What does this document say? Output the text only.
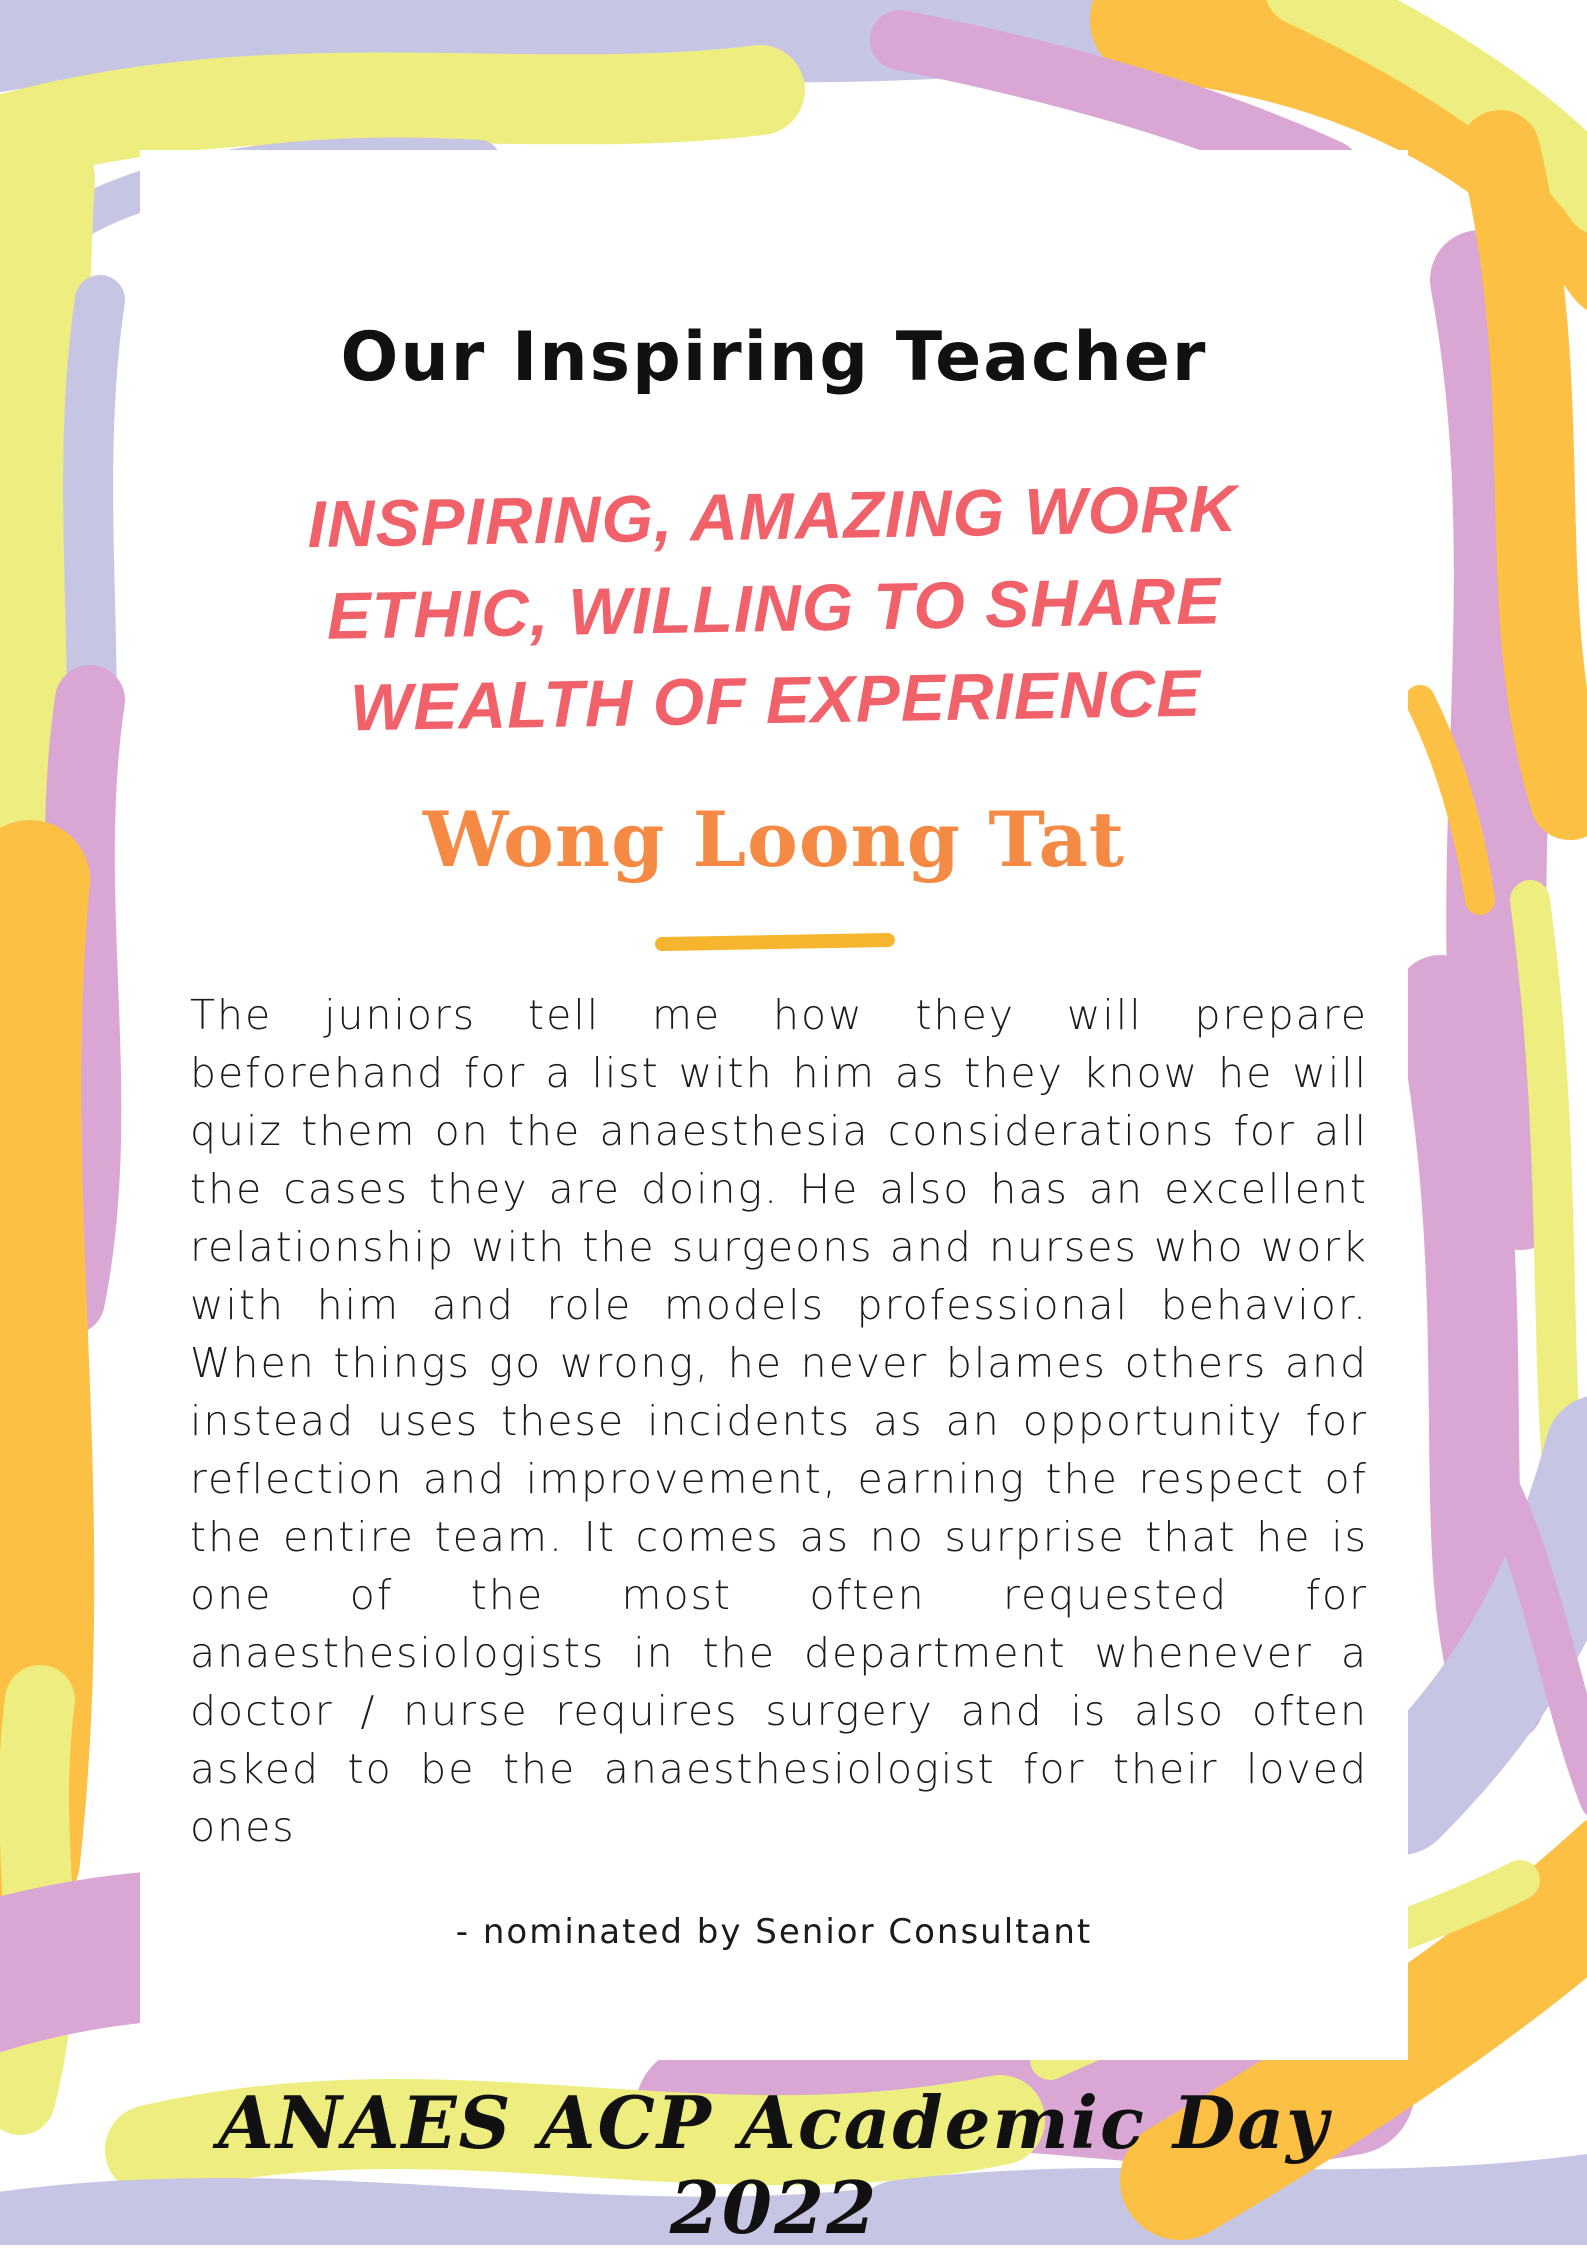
Our Inspiring Teacher

INSPIRING, AMAZING WORK ETHIC, WILLING TO SHARE WEALTH OF EXPERIENCE

Wong Loong Tat

The juniors tell me how they will prepare beforehand for a list with him as they know he will quiz them on the anaesthesia considerations for all the cases they are doing. He also has an excellent relationship with the surgeons and nurses who work with him and role models professional behavior. When things go wrong, he never blames others and instead uses these incidents as an opportunity for reflection and improvement, earning the respect of the entire team. It comes as no surprise that he is one of the most often requested for anaesthesiologists in the department whenever a doctor / nurse requires surgery and is also often asked to be the anaesthesiologist for their loved ones

- nominated by Senior Consultant

ANAES ACP Academic Day 2022
